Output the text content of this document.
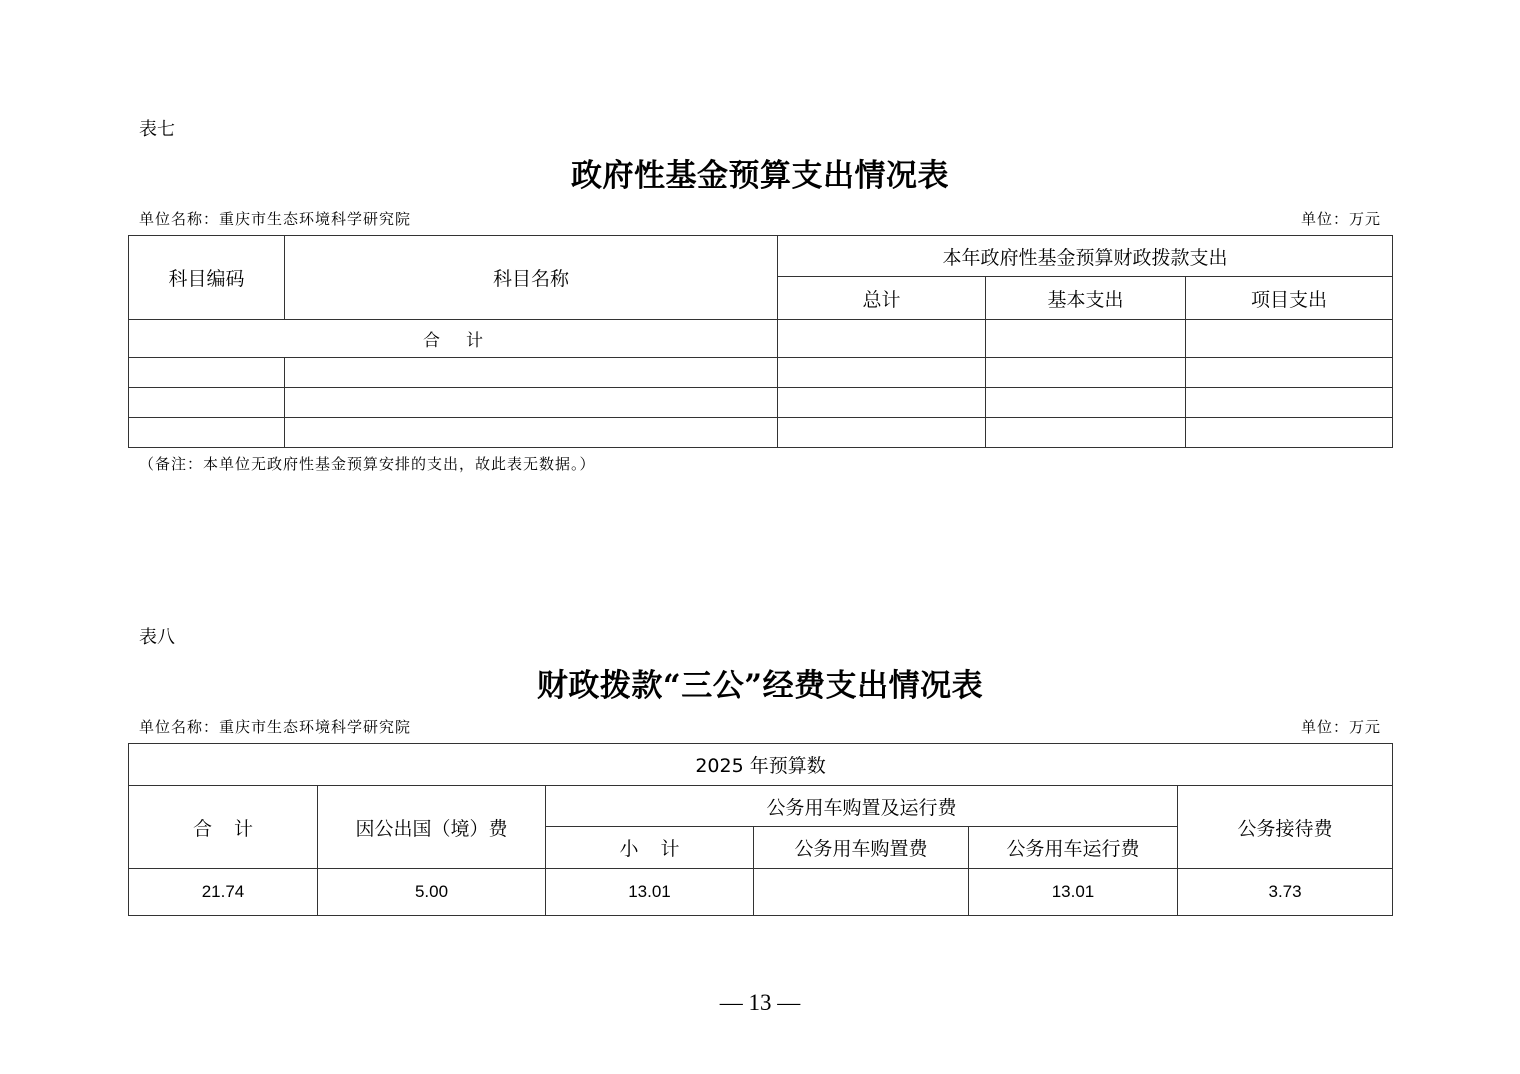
表七
政府性基金预算支出情况表
单位名称：重庆市生态环境科学研究院	单位：万元
科目编码	科目名称	本年政府性基金预算财政拨款支出		
		总计	基本支出	项目支出
合计				

（备注：本单位无政府性基金预算安排的支出，故此表无数据。）
表八
财政拨款“三公”经费支出情况表
单位名称：重庆市生态环境科学研究院	单位：万元
2025 年预算数					
合计	因公出国（境）费	公务用车购置及运行费			公务接待费
		小计	公务用车购置费	公务用车运行费	
21.74	5.00	13.01		13.01	3.73
— 13 —
